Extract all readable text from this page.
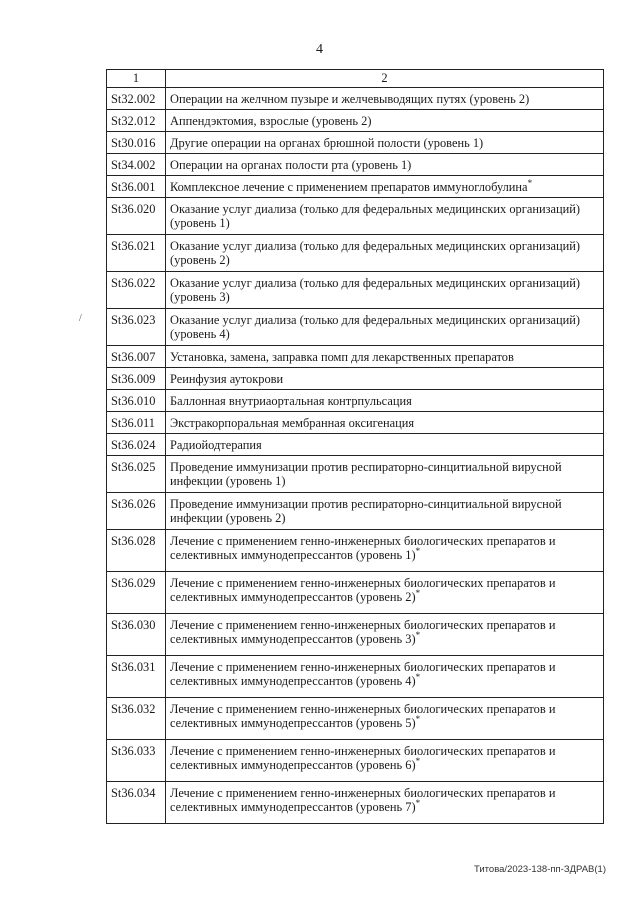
4
/
1	2
St32.002	Операции на желчном пузыре и желчевыводящих путях (уровень 2)
St32.012	Аппендэктомия, взрослые (уровень 2)
St30.016	Другие операции на органах брюшной полости (уровень 1)
St34.002	Операции на органах полости рта (уровень 1)
St36.001	Комплексное лечение с применением препаратов иммуноглобулина*
St36.020	Оказание услуг диализа (только для федеральных медицинских организаций) (уровень 1)
St36.021	Оказание услуг диализа (только для федеральных медицинских организаций) (уровень 2)
St36.022	Оказание услуг диализа (только для федеральных медицинских организаций) (уровень 3)
St36.023	Оказание услуг диализа (только для федеральных медицинских организаций) (уровень 4)
St36.007	Установка, замена, заправка помп для лекарственных препаратов
St36.009	Реинфузия аутокрови
St36.010	Баллонная внутриаортальная контрпульсация
St36.011	Экстракорпоральная мембранная оксигенация
St36.024	Радиойодтерапия
St36.025	Проведение иммунизации против респираторно-синцитиальной вирусной инфекции (уровень 1)
St36.026	Проведение иммунизации против респираторно-синцитиальной вирусной инфекции (уровень 2)
St36.028	Лечение с применением генно-инженерных биологических препаратов и селективных иммунодепрессантов (уровень 1)*
St36.029	Лечение с применением генно-инженерных биологических препаратов и селективных иммунодепрессантов (уровень 2)*
St36.030	Лечение с применением генно-инженерных биологических препаратов и селективных иммунодепрессантов (уровень 3)*
St36.031	Лечение с применением генно-инженерных биологических препаратов и селективных иммунодепрессантов (уровень 4)*
St36.032	Лечение с применением генно-инженерных биологических препаратов и селективных иммунодепрессантов (уровень 5)*
St36.033	Лечение с применением генно-инженерных биологических препаратов и селективных иммунодепрессантов (уровень 6)*
St36.034	Лечение с применением генно-инженерных биологических препаратов и селективных иммунодепрессантов (уровень 7)*
Титова/2023-138-пп-ЗДРАВ(1)
